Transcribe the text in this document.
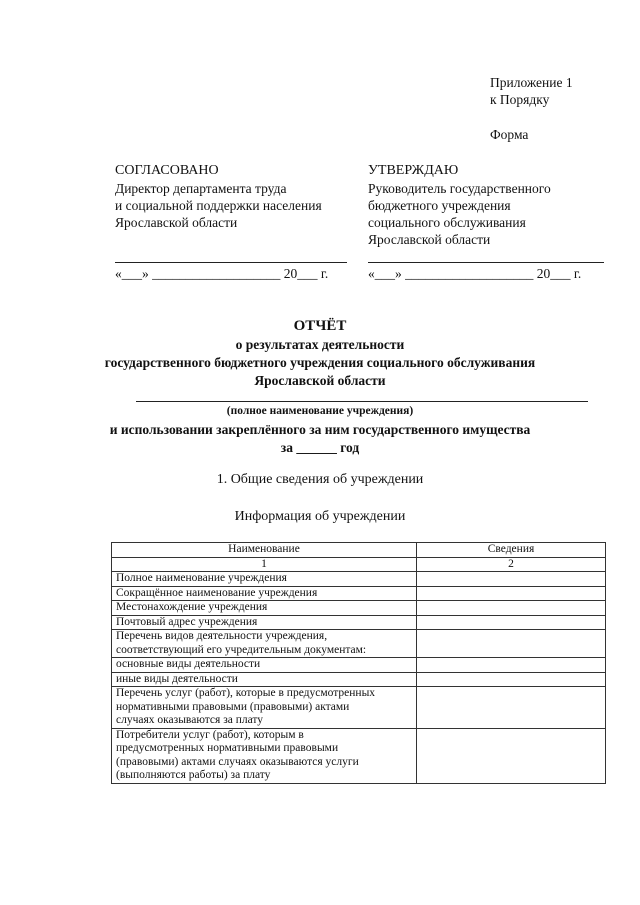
Приложение 1
к Порядку
Форма
СОГЛАСОВАНО
Директор департамента труда
и социальной поддержки населения
Ярославской области
«___» ___________________ 20___ г.
УТВЕРЖДАЮ
Руководитель государственного
бюджетного учреждения
социального обслуживания
Ярославской области
«___» ___________________ 20___ г.
ОТЧЁТ
о результатах деятельности
государственного бюджетного учреждения социального обслуживания
Ярославской области
(полное наименование учреждения)
и использовании закреплённого за ним государственного имущества
за ______ год
1. Общие сведения об учреждении
Информация об учреждении
Наименование	Сведения
1	2

Полное наименование учреждения	

Сокращённое наименование учреждения	

Местонахождение учреждения	

Почтовый адрес учреждения	

Перечень видов деятельности учреждения,
соответствующий его учредительным документам:	

основные виды деятельности	

иные виды деятельности	

Перечень услуг (работ), которые в предусмотренных
нормативными правовыми (правовыми) актами
случаях оказываются за плату	

Потребители услуг (работ), которым в
предусмотренных нормативными правовыми
(правовыми) актами случаях оказываются услуги
(выполняются работы) за плату	
